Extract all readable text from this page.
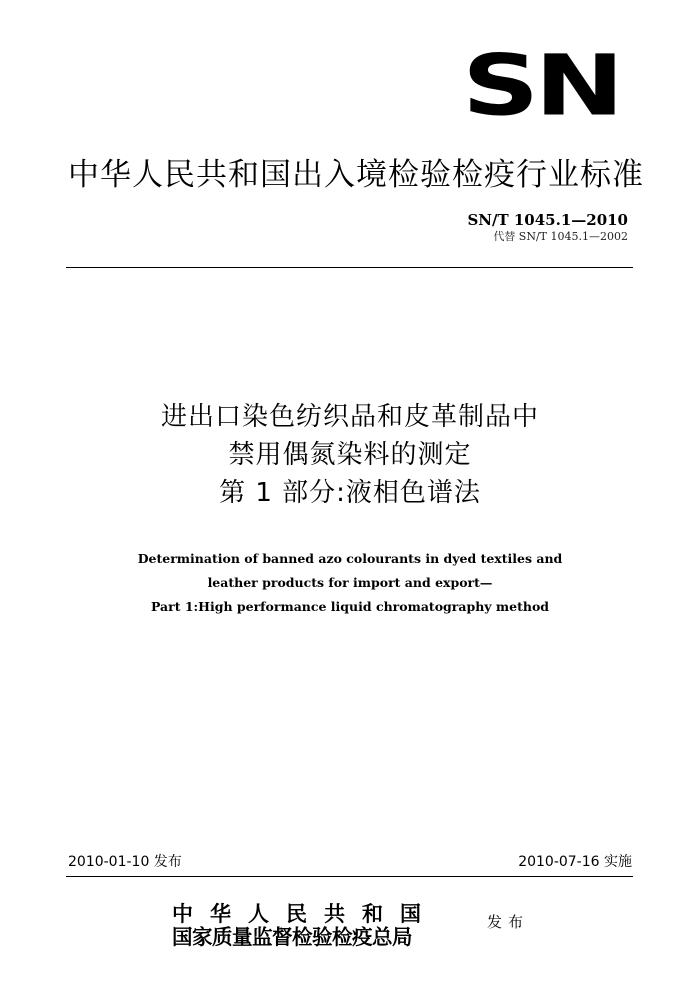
SN
中华人民共和国出入境检验检疫行业标准
SN/T 1045.1—2010
代替 SN/T 1045.1—2002
进出口染色纺织品和皮革制品中
禁用偶氮染料的测定
第 1 部分:液相色谱法
Determination of banned azo colourants in dyed textiles and
leather products for import and export—
Part 1:High performance liquid chromatography method
2010-01-10 发布	2010-07-16 实施
中华人民共和国
国家质量监督检验检疫总局
发布
